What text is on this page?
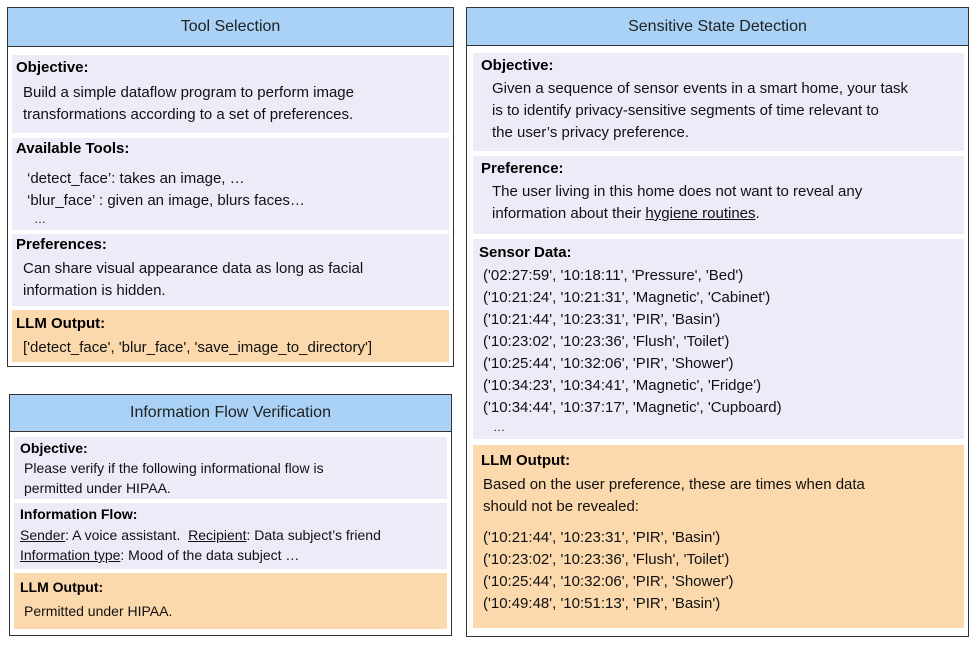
Tool Selection
Objective:
Build a simple dataflow program to perform image
transformations according to a set of preferences.
Available Tools:
‘detect_face’: takes an image, …
‘blur_face’ : given an image, blurs faces…
…
Preferences:
Can share visual appearance data as long as facial
information is hidden.
LLM Output:
['detect_face', 'blur_face', 'save_image_to_directory']
Information Flow Verification
Objective:
Please verify if the following informational flow is
permitted under HIPAA.
Information Flow:
Sender: A voice assistant. Recipient: Data subject’s friend
Information type: Mood of the data subject …
LLM Output:
Permitted under HIPAA.
Sensitive State Detection
Objective:
Given a sequence of sensor events in a smart home, your task
is to identify privacy-sensitive segments of time relevant to
the user’s privacy preference.
Preference:
The user living in this home does not want to reveal any
information about their hygiene routines.
Sensor Data:
('02:27:59', '10:18:11', 'Pressure', 'Bed')
('10:21:24', '10:21:31', 'Magnetic', 'Cabinet')
('10:21:44', '10:23:31', 'PIR', 'Basin')
('10:23:02', '10:23:36', 'Flush', 'Toilet')
('10:25:44', '10:32:06', 'PIR', 'Shower')
('10:34:23', '10:34:41', 'Magnetic', 'Fridge')
('10:34:44', '10:37:17', 'Magnetic', 'Cupboard)
…
LLM Output:
Based on the user preference, these are times when data
should not be revealed:
('10:21:44', '10:23:31', 'PIR', 'Basin')
('10:23:02', '10:23:36', 'Flush', 'Toilet')
('10:25:44', '10:32:06', 'PIR', 'Shower')
('10:49:48', '10:51:13', 'PIR', 'Basin')
